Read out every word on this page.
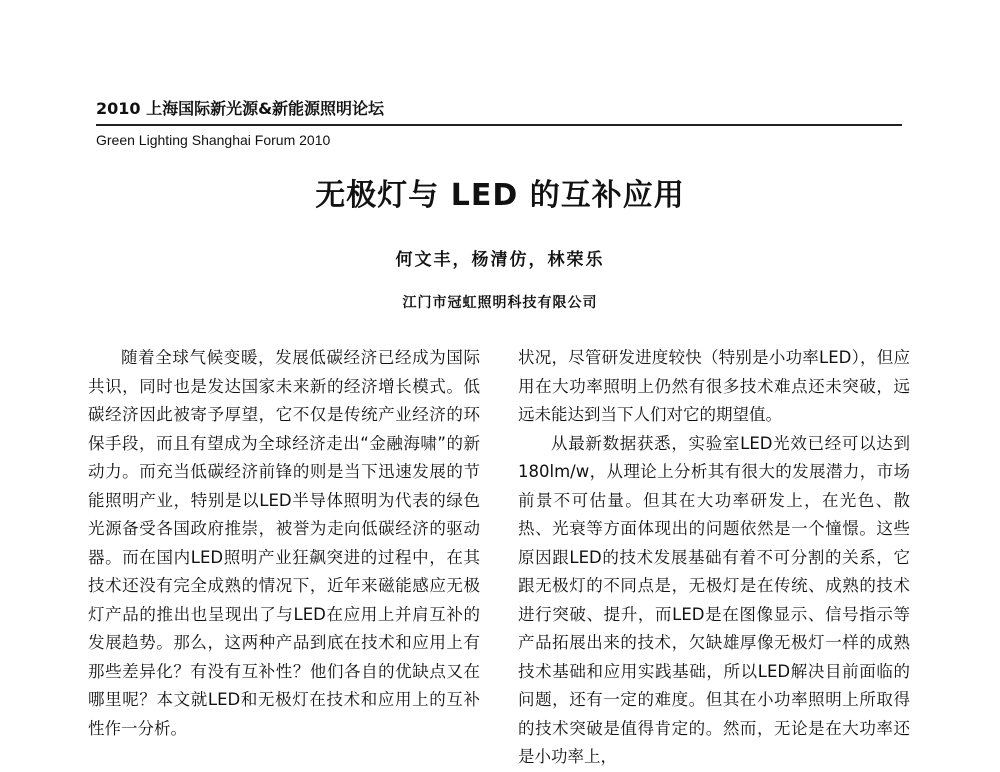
2010 上海国际新光源&新能源照明论坛
Green Lighting Shanghai Forum 2010
无极灯与 LED 的互补应用
何文丰，杨清仿，林荣乐
江门市冠虹照明科技有限公司

随着全球气候变暖，发展低碳经济已经成为国际共识，同时也是发达国家未来新的经济增长模式。低碳经济因此被寄予厚望，它不仅是传统产业经济的环保手段，而且有望成为全球经济走出“金融海啸”的新动力。而充当低碳经济前锋的则是当下迅速发展的节能照明产业，特别是以LED半导体照明为代表的绿色光源备受各国政府推崇，被誉为走向低碳经济的驱动器。而在国内LED照明产业狂飙突进的过程中，在其技术还没有完全成熟的情况下，近年来磁能感应无极灯产品的推出也呈现出了与LED在应用上并肩互补的发展趋势。那么，这两种产品到底在技术和应用上有那些差异化？有没有互补性？他们各自的优缺点又在哪里呢？本文就LED和无极灯在技术和应用上的互补性作一分析。

状况，尽管研发进度较快（特别是小功率LED），但应用在大功率照明上仍然有很多技术难点还未突破，远远未能达到当下人们对它的期望值。

从最新数据获悉，实验室LED光效已经可以达到180lm/w，从理论上分析其有很大的发展潜力，市场前景不可估量。但其在大功率研发上，在光色、散热、光衰等方面体现出的问题依然是一个憧憬。这些原因跟LED的技术发展基础有着不可分割的关系，它跟无极灯的不同点是，无极灯是在传统、成熟的技术进行突破、提升，而LED是在图像显示、信号指示等产品拓展出来的技术，欠缺雄厚像无极灯一样的成熟技术基础和应用实践基础，所以LED解决目前面临的问题，还有一定的难度。但其在小功率照明上所取得的技术突破是值得肯定的。然而，无论是在大功率还是小功率上，
